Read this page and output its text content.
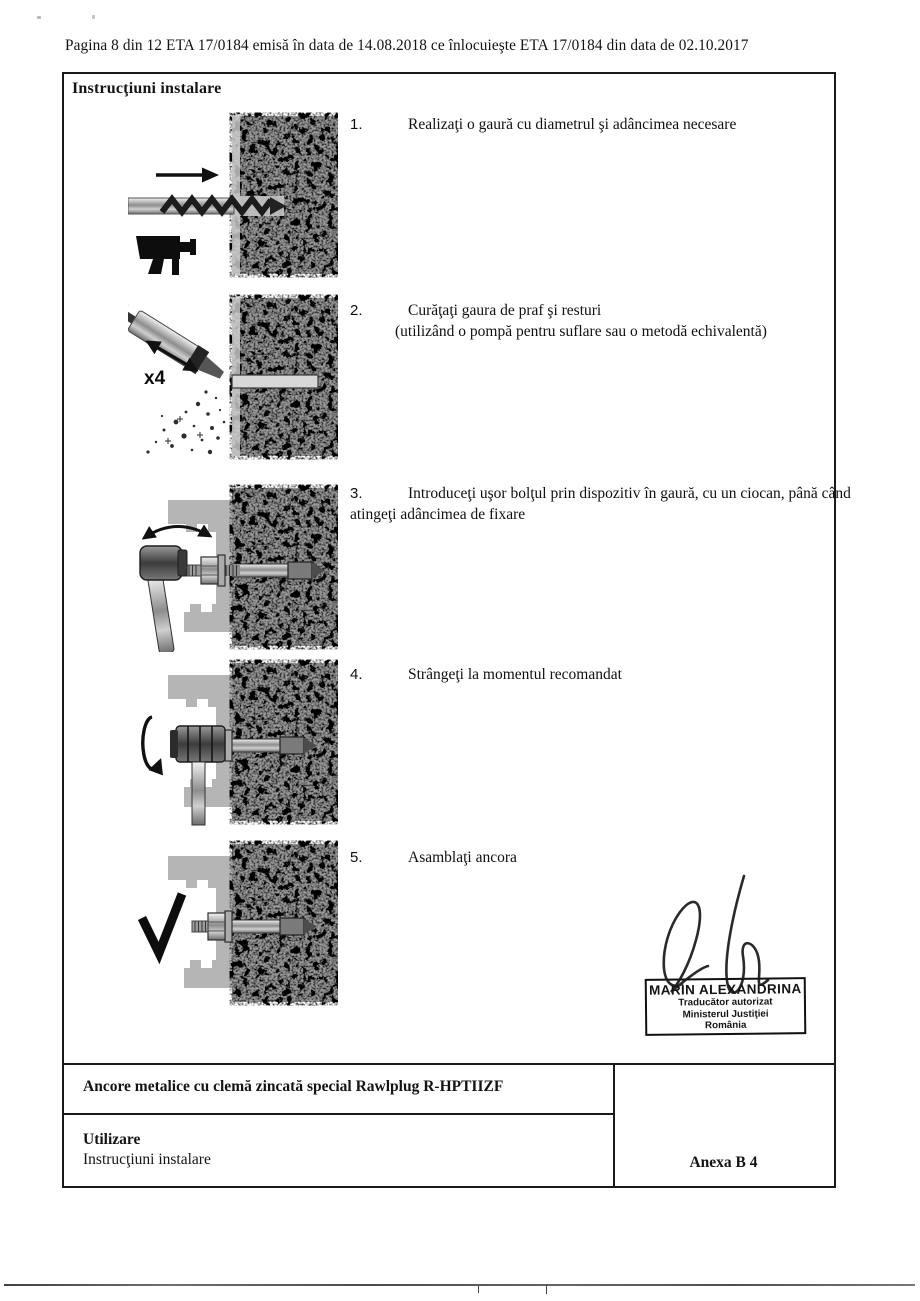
Pagina 8 din 12 ETA 17/0184 emisă în data de 14.08.2018 ce înlocuieşte ETA 17/0184 din data de 02.10.2017
Instrucţiuni instalare
x4
1.	Realizaţi o gaură cu diametrul şi adâncimea necesare
2.	Curăţaţi gaura de praf şi resturi
(utilizând o pompă pentru suflare sau o metodă echivalentă)
3.	Introduceţi uşor bolţul prin dispozitiv în gaură, cu un ciocan, până când atingeţi adâncimea de fixare
4.	Strângeţi la momentul recomandat
5.	Asamblaţi ancora
MARIN ALEXANDRINA
Traducător autorizat
Ministerul Justiţiei
România
Ancore metalice cu clemă zincată special Rawlplug R-HPTIIZF
Utilizare
Instrucţiuni instalare	Anexa B 4
